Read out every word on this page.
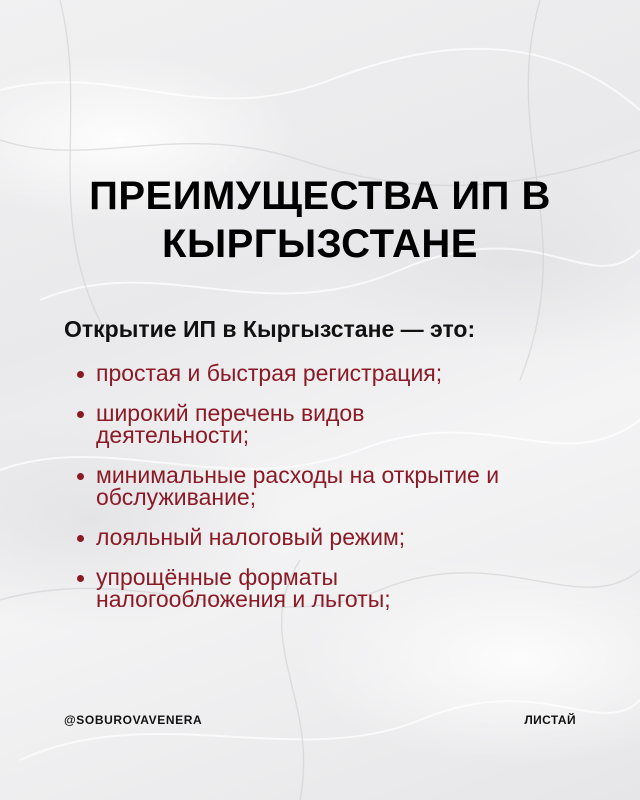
ПРЕИМУЩЕСТВА ИП В
КЫРГЫЗСТАНЕ

Открытие ИП в Кыргызстане — это:

простая и быстрая регистрация;
широкий перечень видов деятельности;
минимальные расходы на открытие и обслуживание;
лояльный налоговый режим;
упрощённые форматы налогообложения и льготы;
@SOBUROVAVENERA	ЛИСТАЙ
